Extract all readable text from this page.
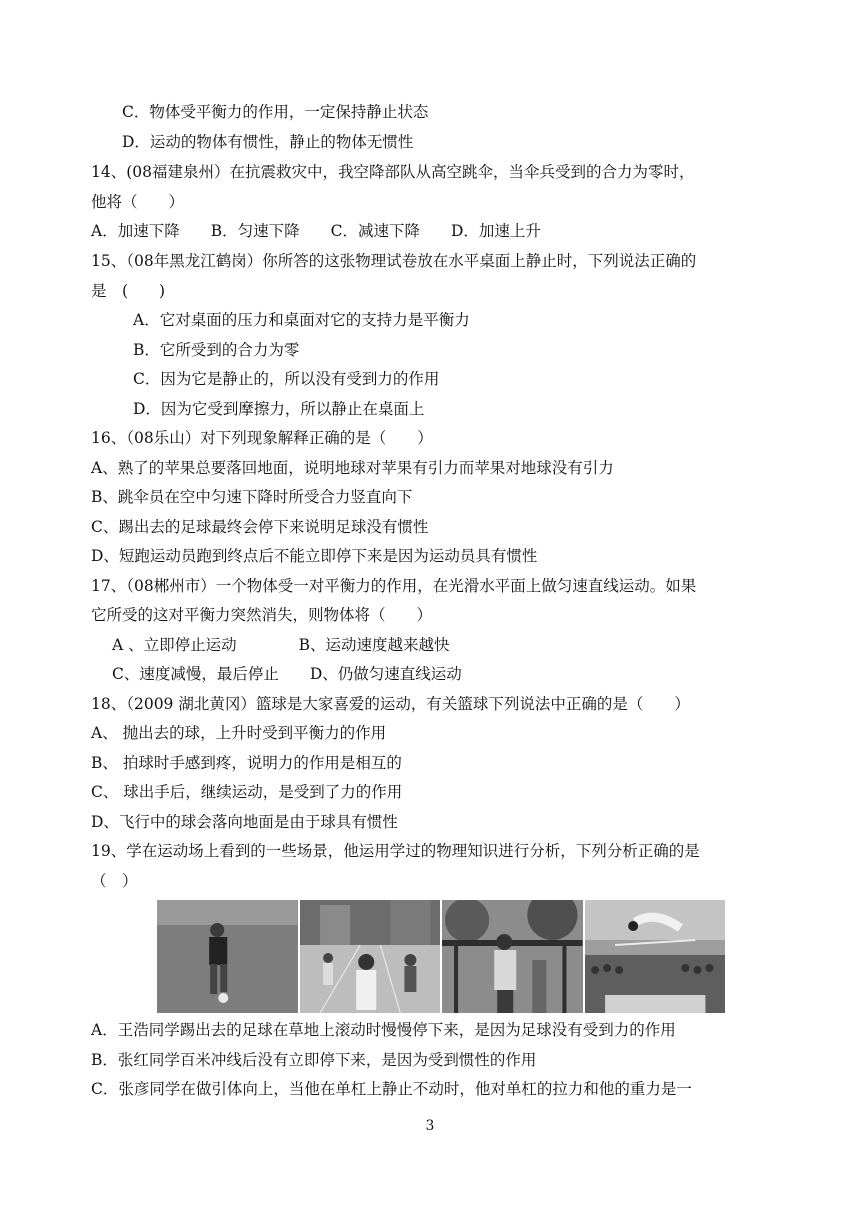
C．物体受平衡力的作用，一定保持静止状态
D．运动的物体有惯性，静止的物体无惯性
14、(08福建泉州）在抗震救灾中，我空降部队从高空跳伞，当伞兵受到的合力为零时，
他将（　　）
A．加速下降　　B．匀速下降　　C．减速下降　　D．加速上升
15、（08年黑龙江鹤岗）你所答的这张物理试卷放在水平桌面上静止时，下列说法正确的
是　(　　)
A．它对桌面的压力和桌面对它的支持力是平衡力
B．它所受到的合力为零
C．因为它是静止的，所以没有受到力的作用
D．因为它受到摩擦力，所以静止在桌面上
16、（08乐山）对下列现象解释正确的是（　　）
A、熟了的苹果总要落回地面，说明地球对苹果有引力而苹果对地球没有引力
B、跳伞员在空中匀速下降时所受合力竖直向下
C、踢出去的足球最终会停下来说明足球没有惯性
D、短跑运动员跑到终点后不能立即停下来是因为运动员具有惯性
17、（08郴州市）一个物体受一对平衡力的作用，在光滑水平面上做匀速直线运动。如果
它所受的这对平衡力突然消失，则物体将（　　）
A 、立即停止运动　　　　B、运动速度越来越快
C、速度减慢，最后停止　　D、仍做匀速直线运动
18、（2009 湖北黄冈）篮球是大家喜爱的运动，有关篮球下列说法中正确的是（　　）
A、 抛出去的球，上升时受到平衡力的作用
B、 拍球时手感到疼，说明力的作用是相互的
C、 球出手后，继续运动，是受到了力的作用
D、飞行中的球会落向地面是由于球具有惯性
19、学在运动场上看到的一些场景，他运用学过的物理知识进行分析，下列分析正确的是
（　）
A．王浩同学踢出去的足球在草地上滚动时慢慢停下来，是因为足球没有受到力的作用
B．张红同学百米冲线后没有立即停下来，是因为受到惯性的作用
C．张彦同学在做引体向上，当他在单杠上静止不动时，他对单杠的拉力和他的重力是一
3
